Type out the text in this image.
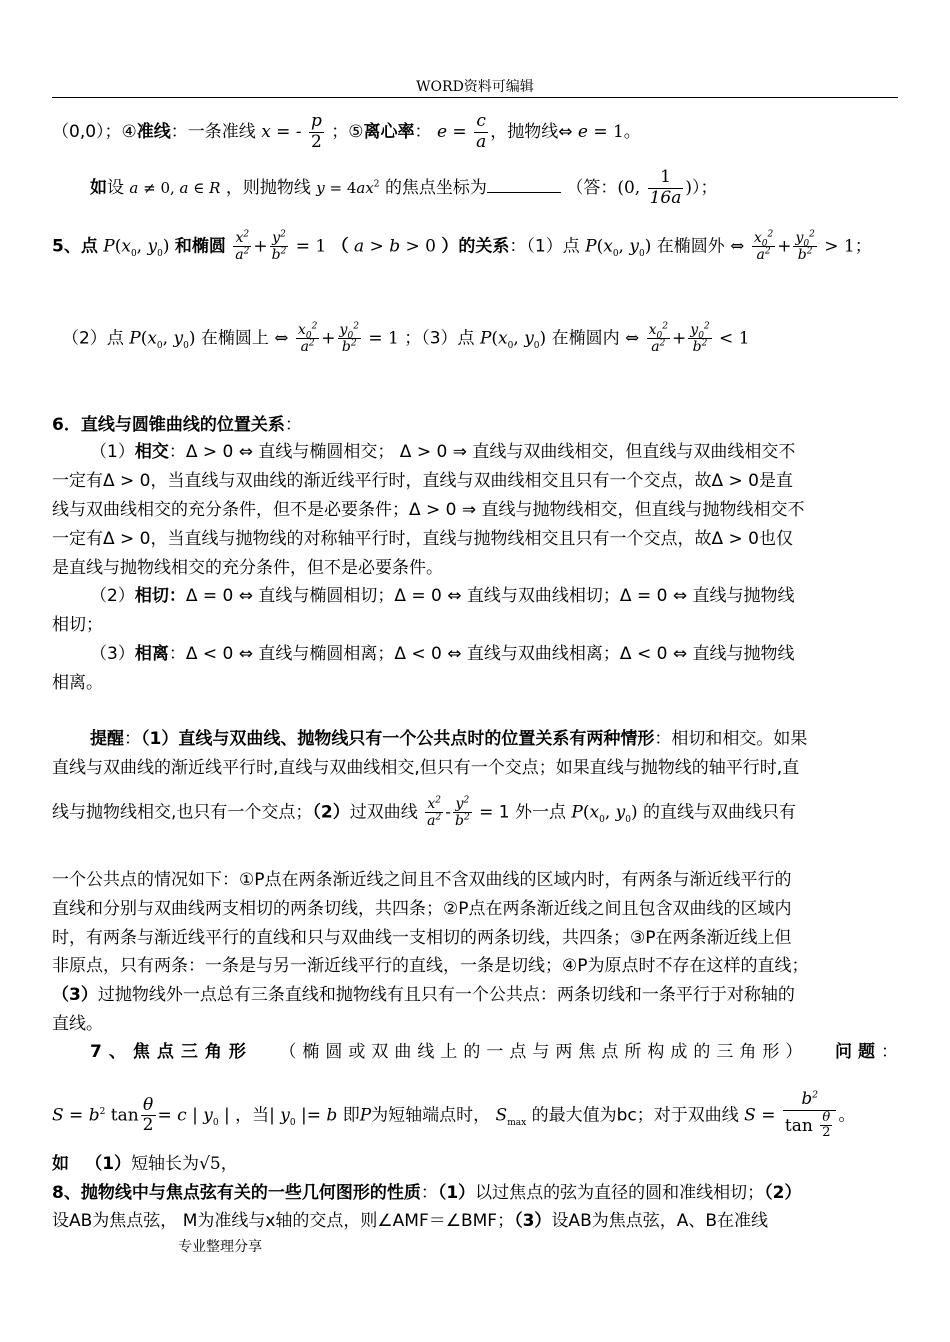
WORD资料可编辑
（0,0）；④准线：一条准线 x = - $\frac{p}{2}$ ；⑤离心率： $e = \frac{c}{a}$ ，抛物线⇔ e = 1。
如设 a ≠ 0, a ∈ R ，则抛物线 $y = 4ax^2$ 的焦点坐标为	（答：(0, $\frac{1}{16a}$ )）；
5、点 $P(x_0$, $y_0$) 和椭圆 $\frac{x^2}{a^2} + \frac{y^2}{b^2} = 1$ （ a > b > 0 ）的关系：（1）点 $P(x_0$, $y_0$) 在椭圆外 ⇔ $\frac{x_0^2}{a^2} + \frac{y_0^2}{b^2} > 1$；
（2）点 $P(x_0$, $y_0$) 在椭圆上 ⇔ $\frac{x_0^2}{a^2} + \frac{y_0^2}{b^2} = 1$ ；（3）点 $P(x_0$, $y_0$) 在椭圆内 ⇔ $\frac{x_0^2}{a^2} + \frac{y_0^2}{b^2} < 1$
6．直线与圆锥曲线的位置关系：
（1）相交：Δ > 0 ⇔ 直线与椭圆相交； Δ > 0 ⇒ 直线与双曲线相交，但直线与双曲线相交不
一定有Δ > 0，当直线与双曲线的渐近线平行时，直线与双曲线相交且只有一个交点，故Δ > 0是直
线与双曲线相交的充分条件，但不是必要条件；Δ > 0 ⇒ 直线与抛物线相交，但直线与抛物线相交不
一定有Δ > 0，当直线与抛物线的对称轴平行时，直线与抛物线相交且只有一个交点，故Δ > 0也仅
是直线与抛物线相交的充分条件，但不是必要条件。
（2）相切：Δ = 0 ⇔ 直线与椭圆相切；Δ = 0 ⇔ 直线与双曲线相切；Δ = 0 ⇔ 直线与抛物线
相切；
（3）相离：Δ < 0 ⇔ 直线与椭圆相离；Δ < 0 ⇔ 直线与双曲线相离；Δ < 0 ⇔ 直线与抛物线
相离。
提醒：（1）直线与双曲线、抛物线只有一个公共点时的位置关系有两种情形：相切和相交。如果
直线与双曲线的渐近线平行时,直线与双曲线相交,但只有一个交点；如果直线与抛物线的轴平行时,直
线与抛物线相交,也只有一个交点；（2）过双曲线 $\frac{x^2}{a^2} - \frac{y^2}{b^2} = 1$ 外一点 $P(x_0$, $y_0$) 的直线与双曲线只有
一个公共点的情况如下：①P点在两条渐近线之间且不含双曲线的区域内时，有两条与渐近线平行的
直线和分别与双曲线两支相切的两条切线，共四条；②P点在两条渐近线之间且包含双曲线的区域内
时，有两条与渐近线平行的直线和只与双曲线一支相切的两条切线，共四条；③P在两条渐近线上但
非原点，只有两条：一条是与另一渐近线平行的直线，一条是切线；④P为原点时不存在这样的直线；
（3）过抛物线外一点总有三条直线和抛物线有且只有一个公共点：两条切线和一条平行于对称轴的
直线。
7、焦点三角形 （椭圆或双曲线上的一点与两焦点所构成的三角形） 问题：
$S = b^2$ $\tan \frac{\theta}{2} = c$ | $y_0$ | ，当| $y_0$ |= b 即P为短轴端点时， $S_{max}$ 的最大值为bc；对于双曲线 $S = \frac{b^2}{\tan \frac{\theta}{2}}$ 。
如 （1）短轴长为√5，
8、抛物线中与焦点弦有关的一些几何图形的性质：（1）以过焦点的弦为直径的圆和准线相切；（2）
设AB为焦点弦， M为准线与x轴的交点，则∠AMF＝∠BMF；（3）设AB为焦点弦，A、B在准线
专业整理分享
